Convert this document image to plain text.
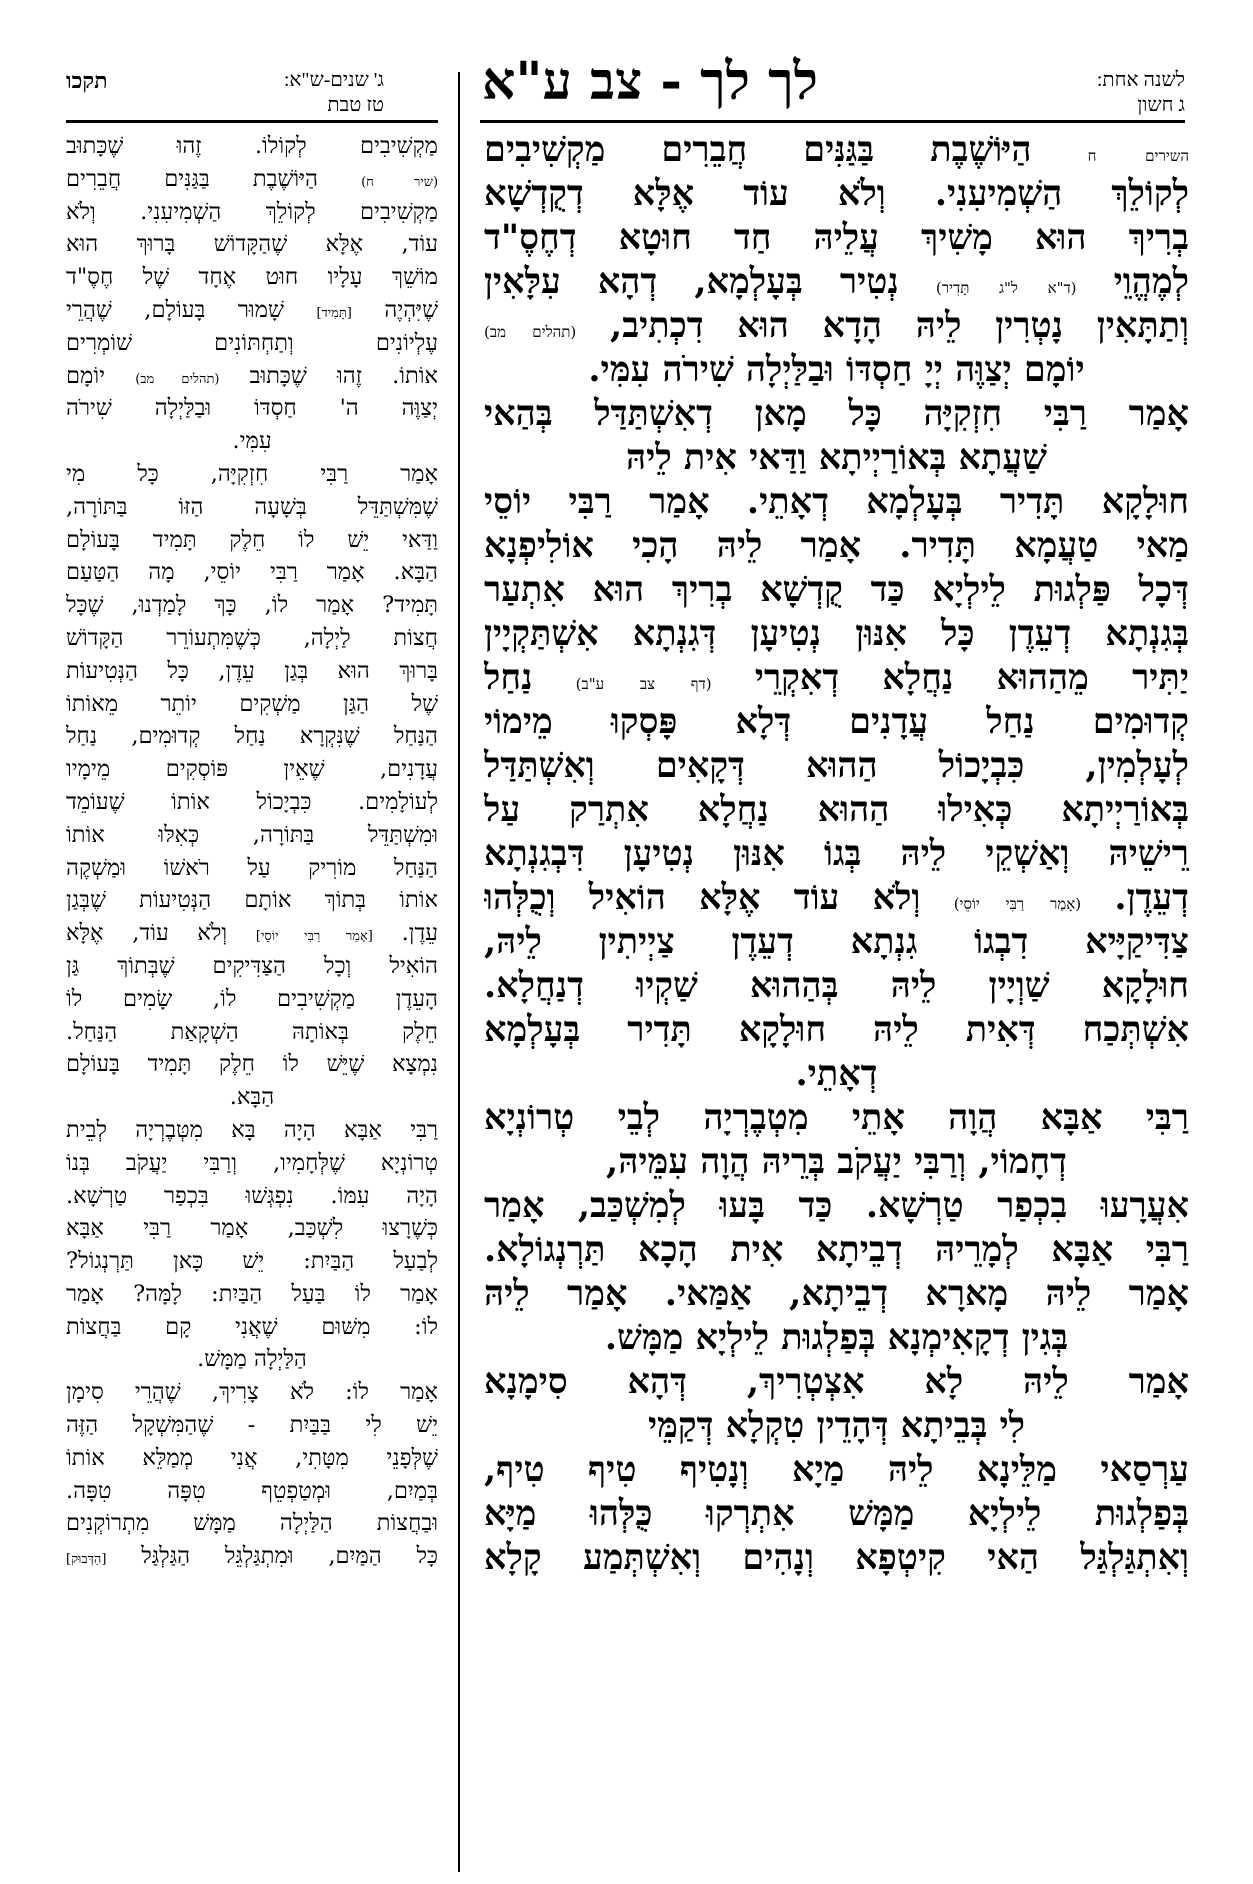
לשנה אחת:
ג חשון
לך לך - צב ע"א
ג' שנים-ש"א:
טז טבת
תקכו
השירים ח הַיּוֹשֶׁבֶת בַּגַּנִּים חֲבֵרִים מַקְשִׁיבִים
לְקוֹלֵךְ הַשְׁמִיעִנִי. וְלֹא עוֹד אֶלָּא דְקֻדְשָׁא
בְרִיךְ הוּא מָשִׁיךְ עֲלֵיהּ חַד חוּטָא דְחֶסֶ"ד
לְמֶהֱוֵי (ד"א ל"ג תָּדִיר) נְטִיר בְּעָלְמָא, דְהָא עִלָּאִין
וְתַתָּאִין נָטְרִין לֵיהּ הָדָא הוּא דִכְתִיב, (תהלים מב)
יוֹמָם יְצַוֶּה יְיָ חַסְדּוֹ וּבַלַּיְלָה שִׁירֹה עִמִּי.
אָמַר רַבִּי חִזְקִיָּה כָּל מָאן דְאִשְׁתַּדַּל בְּהַאי
שַׁעֲתָא בְּאוֹרַיְיתָא וַדַּאי אִית לֵיהּ
חוּלָקָא תָּדִיר בְּעָלְמָא דְאָתֵי. אָמַר רַבִּי יוֹסֵי
מַאי טַעֲמָא תָּדִיר. אָמַר לֵיהּ הָכִי אוֹלִיפְנָא
דְּכָל פַּלְגוּת לֵילְיָא כַּד קֻדְשָׁא בְרִיךְ הוּא אִתְעַר
בְּגִנְתָא דְעֵדֶן כָּל אִנּוּן נְטִיעָן דְּגִנְתָא אִשְׁתַּקְיָין
יַתִּיר מֵהַהוּא נַחֲלָא דְאִקְרֵי (דף צב ע"ב) נַחַל
קְדוּמִים נַחַל עֲדָנִים דְּלָא פָּסְקוּ מֵימוֹי
לְעָלְמִין, כִּבְיָכוֹל הַהוּא דְּקָאִים וְאִשְׁתַּדַּל
בְּאוֹרַיְיתָא כְּאִילוּ הַהוּא נַחֲלָא אִתְרַק עַל
רֵישֵׁיהּ וְאַשְׁקֵי לֵיהּ בְּגוֹ אִנּוּן נְטִיעָן דִּבְגִנְתָא
דְעֵדֶן. (אָמַר רַבִּי יוֹסֵי) וְלֹא עוֹד אֶלָּא הוֹאִיל וְכֻלְּהוּ
צַדִּיקַיָּיא דִבְגוֹ גִנְתָא דְעֵדֶן צַיְיתִין לֵיהּ,
חוּלָקָא שַׁוְיָין לֵיהּ בְּהַהוּא שַׁקְיוּ דְנַחֲלָא.
אִשְׁתְּכַח דְּאִית לֵיהּ חוּלָקָא תָּדִיר בְּעָלְמָא
דְאָתֵי.
רַבִּי אַבָּא הֲוָה אָתֵי מִטְבֶרְיָה לְבֵי טְרוֹנְיָא
דְחָמוֹי, וְרַבִּי יַעֲקֹב בְּרֵיהּ הֲוָה עִמֵּיהּ,
אִעֲרָעוּ בִכְפַר טַרְשָׁא. כַּד בָּעוּ לְמִשְׁכַּב, אָמַר
רַבִּי אַבָּא לְמָרֵיהּ דְבֵיתָא אִית הָכָא תַּרְנְגוֹלָא.
אָמַר לֵיהּ מָארָא דְבֵיתָא, אַמַּאי. אָמַר לֵיהּ
בְּגִין דְקָאִימְנָא בְּפַלְגוּת לֵילְיָא מַמָּשׁ.
אָמַר לֵיהּ לָא אִצְטְרִיךְ, דְּהָא סִימָנָא
לִי בְּבֵיתָא דְּהָדֵין טִקְלָא דְּקַמֵּי
עַרְסַאי מַלֵּינָא לֵיהּ מַיָא וְנָטִיף טִיף טִיף,
בְּפַלְגוּת לֵילְיָא מַמָּשׁ אִתְרְקוּ כֻּלְּהוּ מַיָּא
וְאִתְגַּלְגַּל הַאי קִיטְפָא וְנָהִים וְאִשְׁתְּמַע קָלָא
מַקְשִׁיבִים לְקוֹלוֹ. זֶהוּ שֶׁכָּתוּב
(שיר ח) הַיּוֹשֶׁבֶת בַּגַּנִּים חֲבֵרִים
מַקְשִׁיבִים לְקוֹלֵךְ הַשְׁמִיעִנִי. וְלֹא
עוֹד, אֶלָּא שֶׁהַקָּדוֹשׁ בָּרוּךְ הוּא
מוֹשֵׁךְ עָלָיו חוּט אֶחָד שֶׁל חֶסֶ"ד
שֶׁיִּהְיֶה [תָּמִיד] שָׁמוּר בָּעוֹלָם, שֶׁהֲרֵי
עֶלְיוֹנִים וְתַחְתּוֹנִים שׁוֹמְרִים
אוֹתוֹ. זֶהוּ שֶׁכָּתוּב (תהלים מב) יוֹמָם
יְצַוֶּה ה' חַסְדּוֹ וּבַלַּיְלָה שִׁירֹה
עִמִּי.
אָמַר רַבִּי חִזְקִיָּה, כָּל מִי
שֶׁמִּשְׁתַּדֵּל בְּשָׁעָה הַזּוֹ בַּתּוֹרָה,
וַדַּאי יֵשׁ לוֹ חֵלֶק תָּמִיד בָּעוֹלָם
הַבָּא. אָמַר רַבִּי יוֹסֵי, מָה הַטַּעַם
תָּמִיד? אָמַר לוֹ, כָּךְ לָמַדְנוּ, שֶׁכָּל
חֲצוֹת לַיְלָה, כְּשֶׁמִּתְעוֹרֵר הַקָּדוֹשׁ
בָּרוּךְ הוּא בְּגַן עֵדֶן, כָּל הַנְּטִיעוֹת
שֶׁל הַגַּן מַשְׁקִים יוֹתֵר מֵאוֹתוֹ
הַנַּחַל שֶׁנִּקְרָא נַחַל קְדוּמִים, נַחַל
עֲדָנִים, שֶׁאֵין פּוֹסְקִים מֵימָיו
לְעוֹלָמִים. כִּבְיָכוֹל אוֹתוֹ שֶׁעוֹמֵד
וּמִשְׁתַּדֵּל בַּתּוֹרָה, כְּאִלּוּ אוֹתוֹ
הַנַּחַל מוֹרִיק עַל רֹאשׁוֹ וּמַשְׁקֶה
אוֹתוֹ בְּתוֹךְ אוֹתָם הַנְּטִיעוֹת שֶׁבְּגַן
עֵדֶן. [אָמַר רַבִּי יוֹסֵי] וְלֹא עוֹד, אֶלָּא
הוֹאִיל וְכָל הַצַּדִּיקִים שֶׁבְּתוֹךְ גַּן
הָעֵדֶן מַקְשִׁיבִים לוֹ, שָׂמִים לוֹ
חֵלֶק בְּאוֹתָהּ הַשְׁקָאַת הַנַּחַל.
נִמְצָא שֶׁיֵּשׁ לוֹ חֵלֶק תָּמִיד בָּעוֹלָם
הַבָּא.
רַבִּי אַבָּא הָיָה בָּא מִטְּבֶרְיָה לְבֵית
טְרוֹנְיָא שֶׁלְּחָמִיו, וְרַבִּי יַעֲקֹב בְּנוֹ
הָיָה עִמּוֹ. נִפְגְּשׁוּ בִּכְפַר טַרְשָׁא.
כְּשֶׁרָצוּ לִשְׁכַּב, אָמַר רַבִּי אַבָּא
לְבַעַל הַבַּיִת: יֵשׁ כָּאן תַּרְנְגוֹל?
אָמַר לוֹ בַּעַל הַבַּיִת: לָמָּה? אָמַר
לוֹ: מִשּׁוּם שֶׁאֲנִי קָם בַּחֲצוֹת
הַלַּיְלָה מַמָּשׁ.
אָמַר לוֹ: לֹא צָרִיךְ, שֶׁהֲרֵי סִימָן
יֵשׁ לִי בַּבַּיִת - שֶׁהַמִּשְׁקָל הַזֶּה
שֶׁלְּפָנֵי מִטָּתִי, אֲנִי מְמַלֵּא אוֹתוֹ
בְּמַיִם, וּמְטַפְטֵף טִפָּה טִפָּה.
וּבַחֲצוֹת הַלַּיְלָה מַמָּשׁ מִתְרוֹקְנִים
כָּל הַמַּיִם, וּמִתְגַּלְגֵּל הַגַּלְגַּל [הַדְּבוּק]
